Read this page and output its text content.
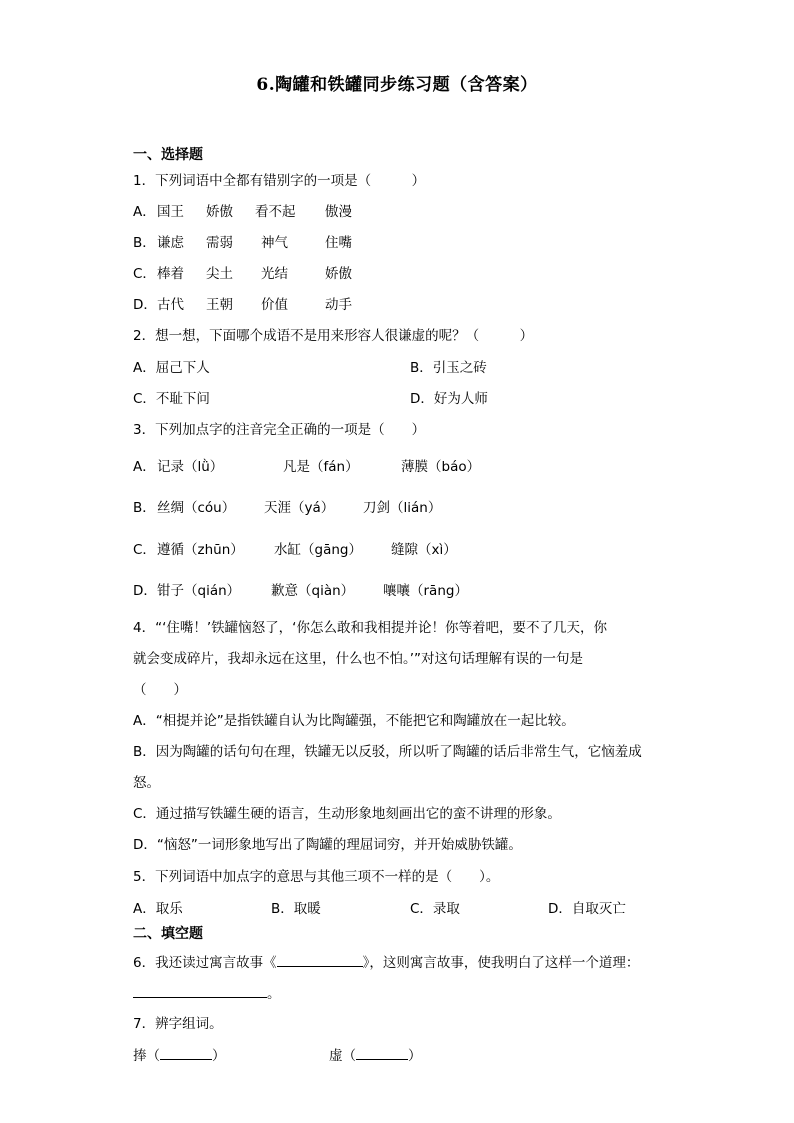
6.陶罐和铁罐同步练习题（含答案）
一、选择题
1．下列词语中全都有错别字的一项是（　　　）
A． 国王 娇傲 看不起 傲漫
B． 谦虑 需弱 神气	住嘴
C． 棒着 尖土 光结	娇傲
D． 古代 王朝 价值	动手
2．想一想，下面哪个成语不是用来形容人很谦虚的呢？（　　　）
A．屈己下人	B．引玉之砖
C．不耻下问	D．好为人师
3．下列加点字的注音完全正确的一项是（　　）
A． 记录（lǜ）	凡是（fán）	薄膜（báo）
B． 丝绸（cóu） 天涯（yá） 刀剑（lián）
C． 遵循（zhūn） 水缸（gāng） 缝隙（xì）
D． 钳子（qián） 歉意（qiàn） 嚷嚷（rāng）
4．“‘住嘴！’铁罐恼怒了，‘你怎么敢和我相提并论！你等着吧，要不了几天，你
就会变成碎片，我却永远在这里，什么也不怕。’”对这句话理解有误的一句是
（　　）
A．“相提并论”是指铁罐自认为比陶罐强，不能把它和陶罐放在一起比较。
B．因为陶罐的话句句在理，铁罐无以反驳，所以听了陶罐的话后非常生气，它恼羞成
怒。
C．通过描写铁罐生硬的语言，生动形象地刻画出它的蛮不讲理的形象。
D．“恼怒”一词形象地写出了陶罐的理屈词穷，并开始威胁铁罐。
5．下列词语中加点字的意思与其他三项不一样的是（　　）。
A．取乐	B．取暖	C．录取	D．自取灭亡
二、填空题
6．我还读过寓言故事《	》，这则寓言故事，使我明白了这样一个道理：
。
7．辨字组词。
捧（	）	虚（	）
